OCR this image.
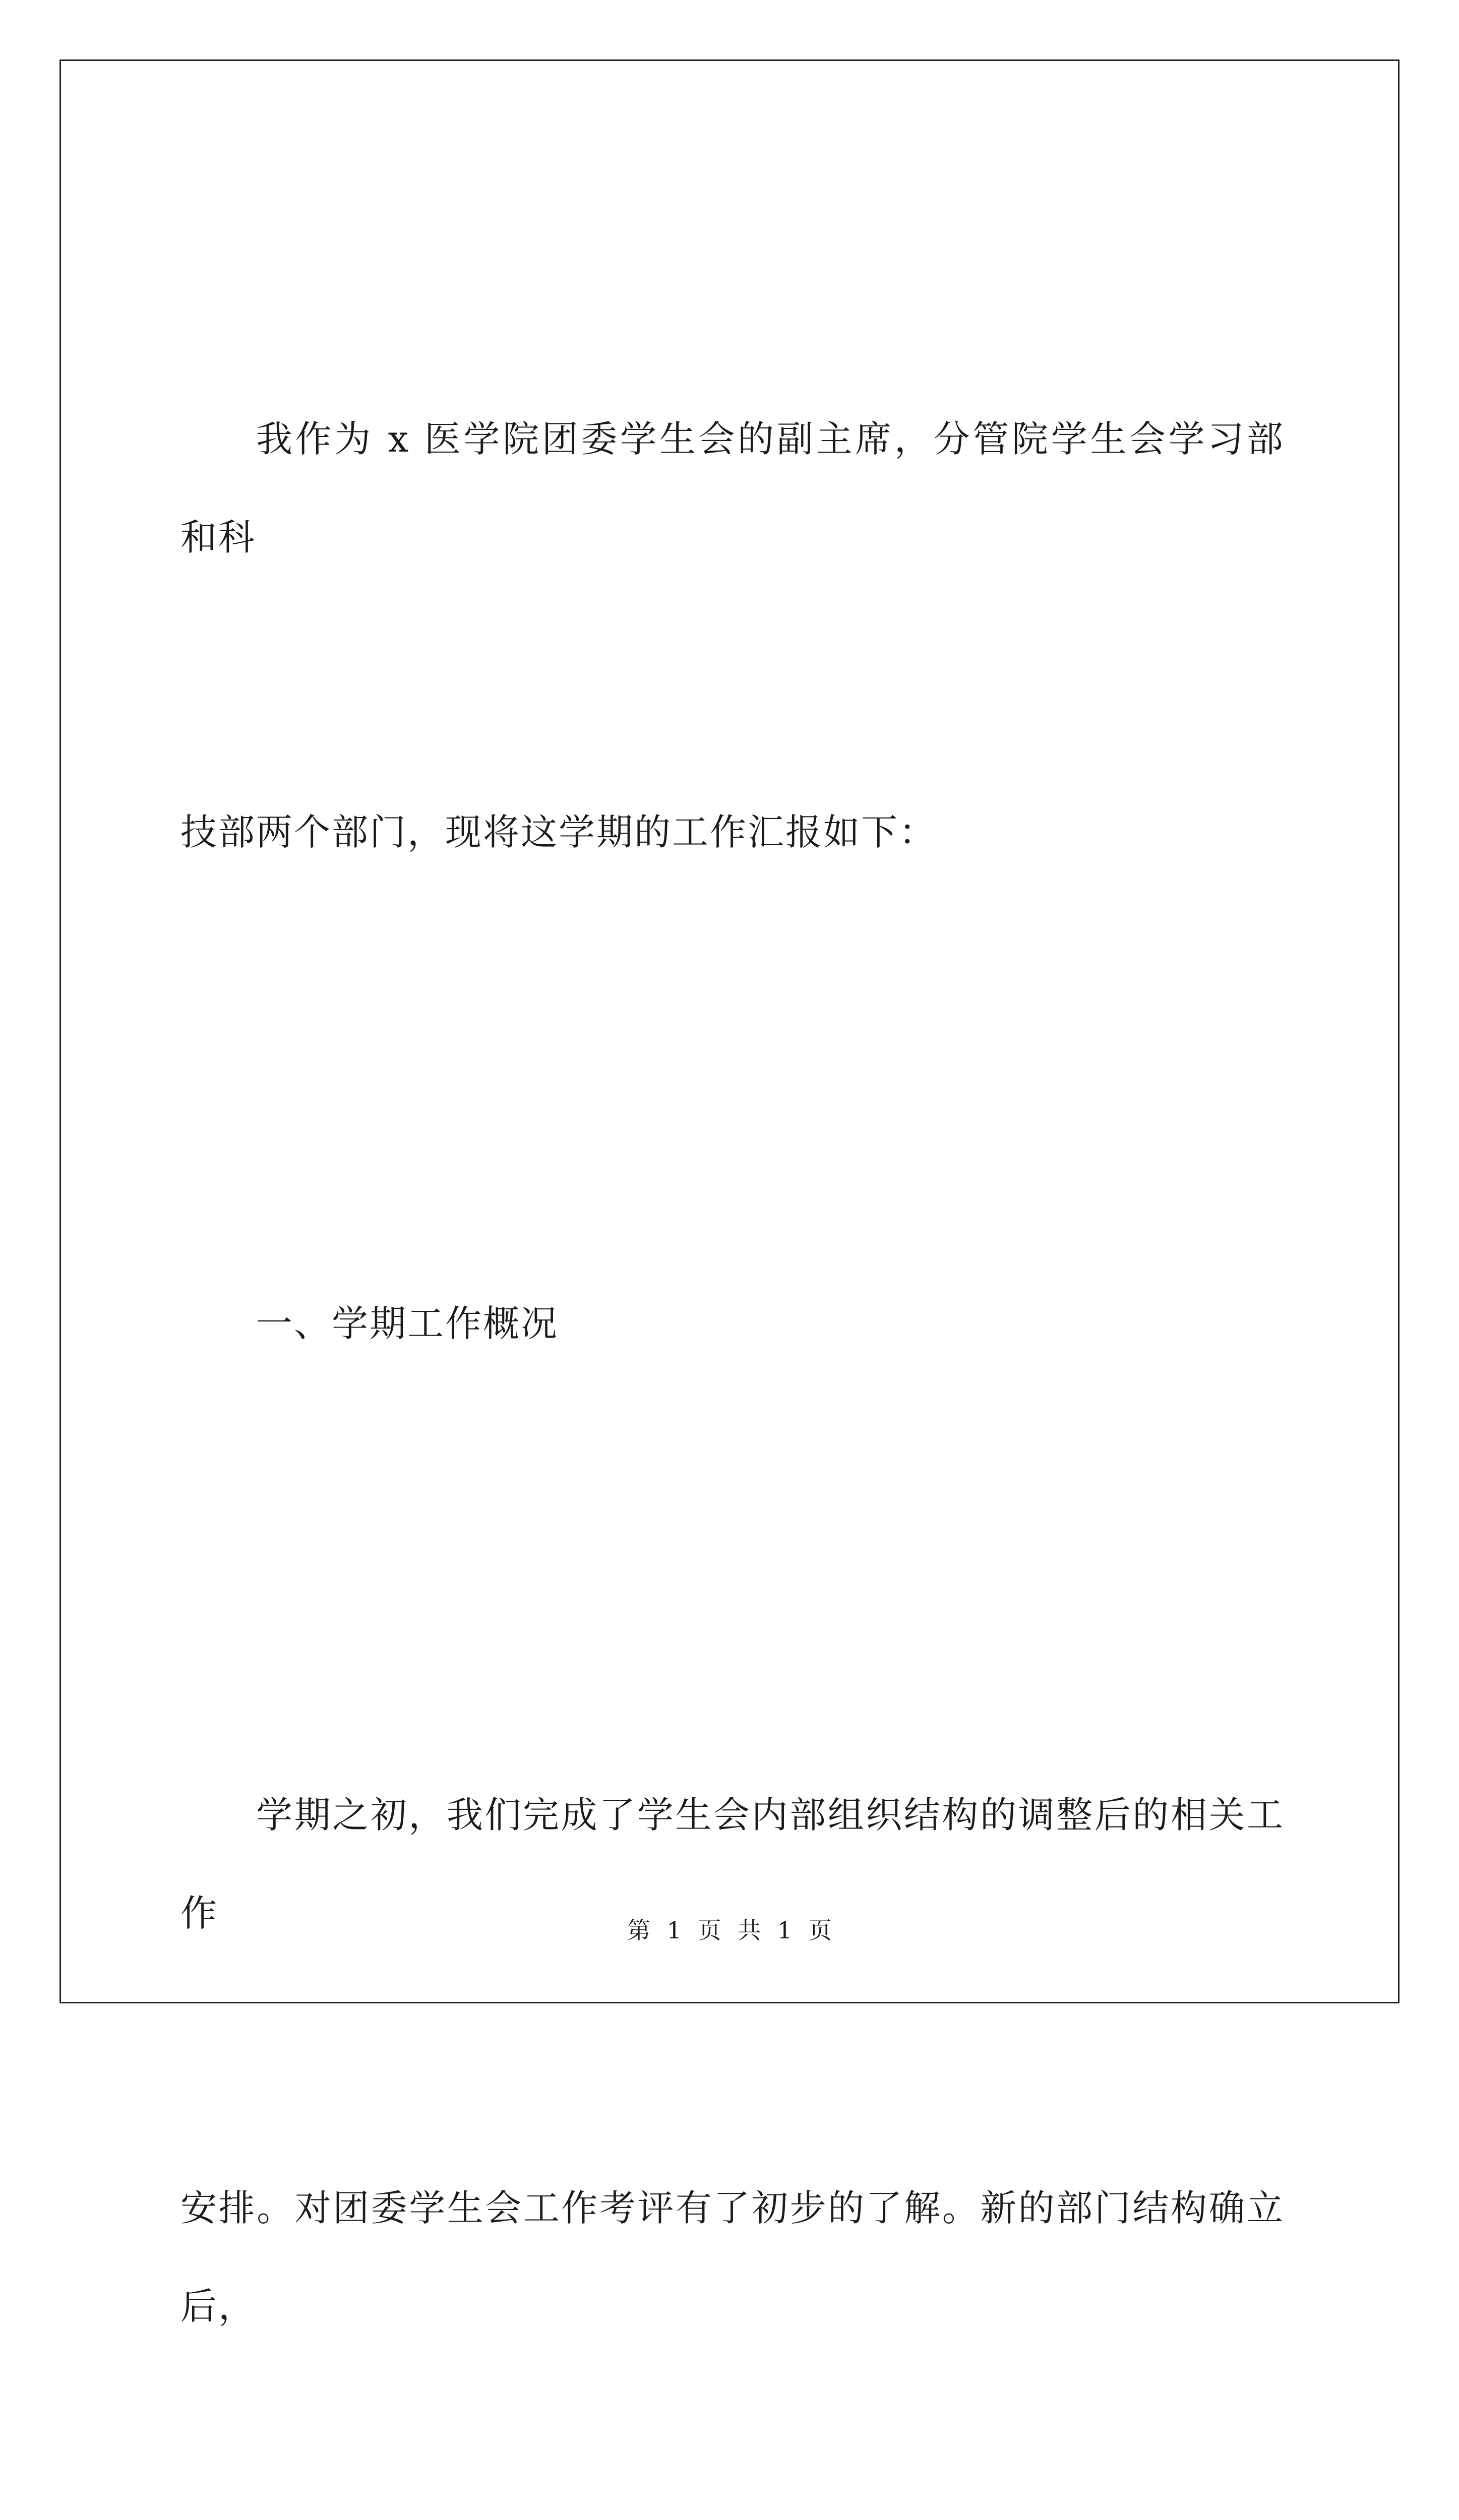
我作为 x 医学院团委学生会的副主席，分管院学生会学习部和科

技部两个部门，现将这学期的工作汇报如下：

一、学期工作概况

学期之初，我们完成了学生会内部组织结构的调整后的相关工作

安排。对团委学生会工作考评有了初步的了解。新的部门结构确立后，

第 1 页 共 1 页
